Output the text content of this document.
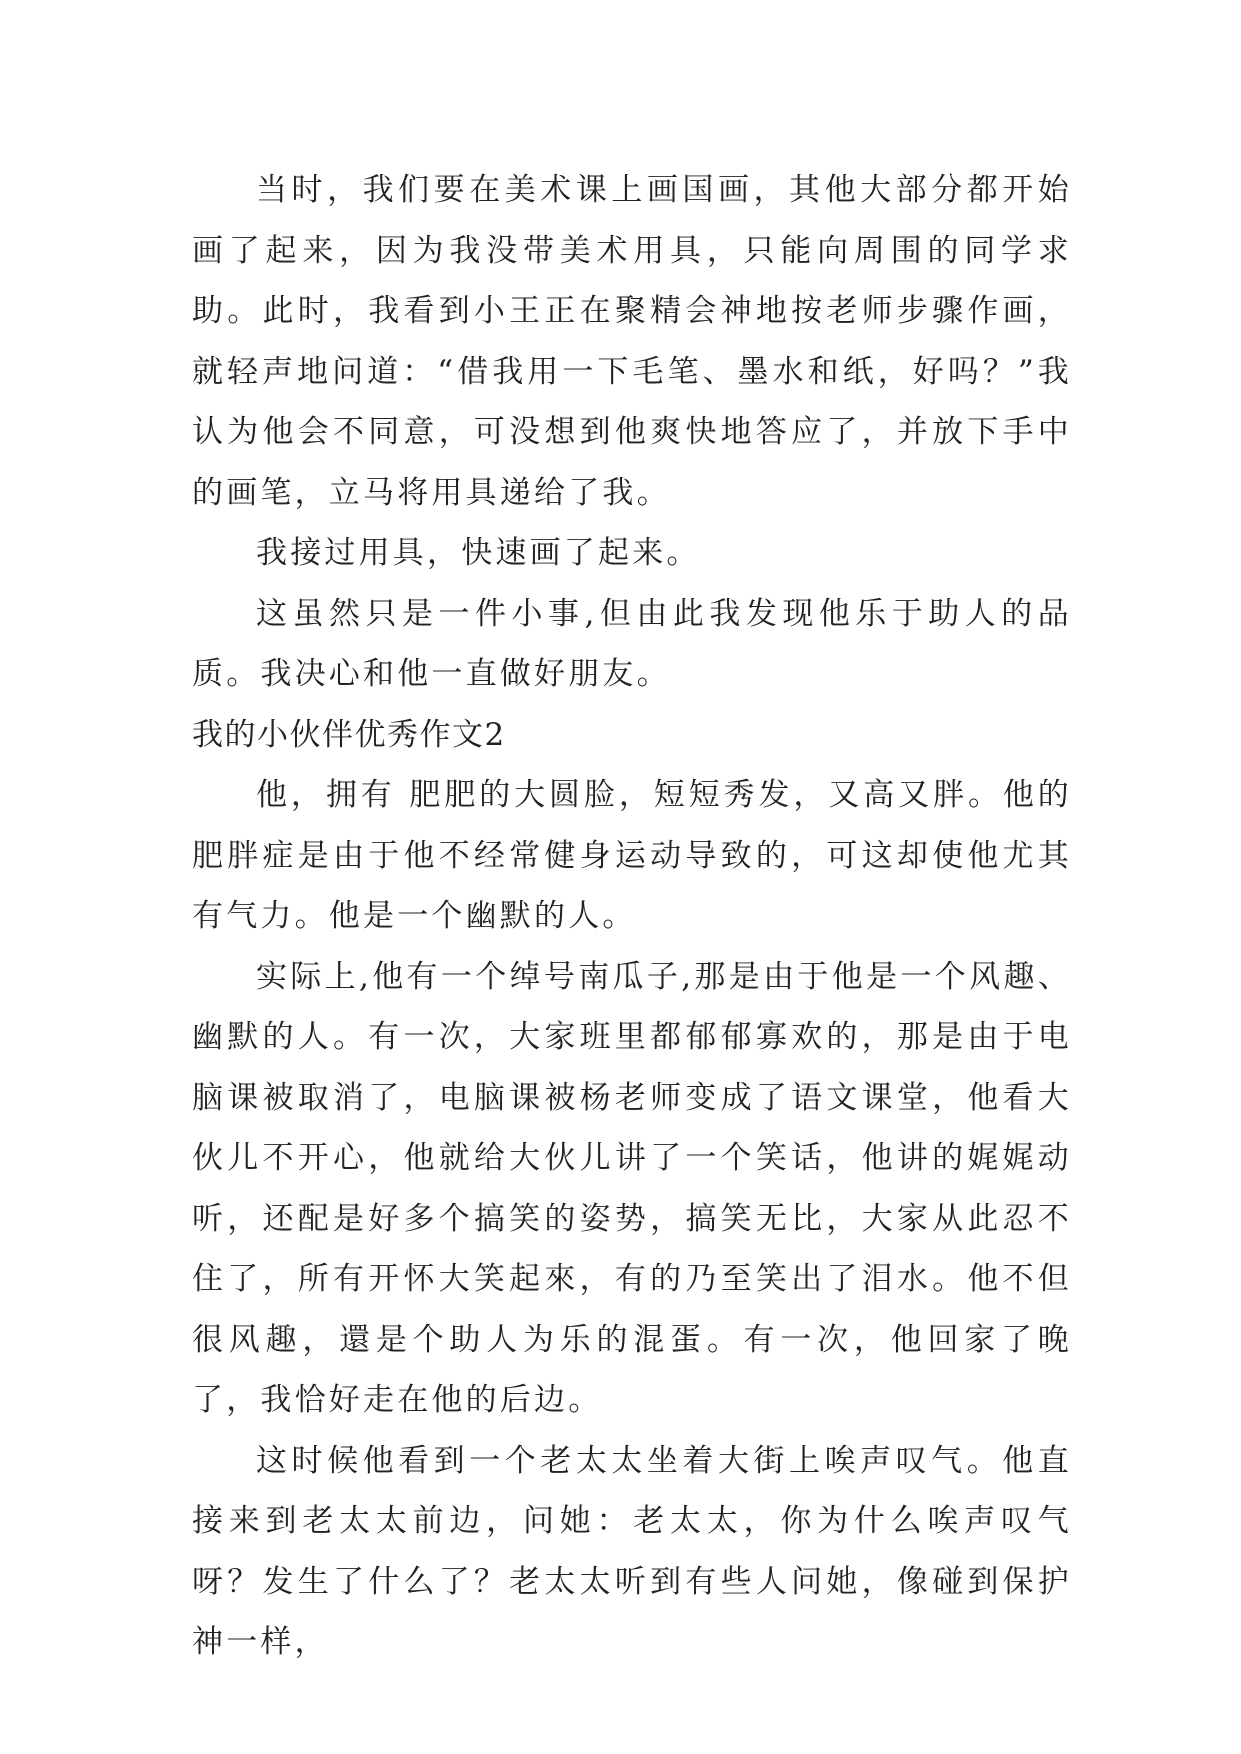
当时，我们要在美术课上画国画，其他大部分都开始画了起来，因为我没带美术用具，只能向周围的同学求助。此时，我看到小王正在聚精会神地按老师步骤作画，就轻声地问道：“借我用一下毛笔、墨水和纸，好吗？”我认为他会不同意，可没想到他爽快地答应了，并放下手中的画笔，立马将用具递给了我。

我接过用具，快速画了起来。

这虽然只是一件小事,但由此我发现他乐于助人的品质。我决心和他一直做好朋友。

我的小伙伴优秀作文2

他，拥有 肥肥的大圆脸，短短秀发，又高又胖。他的肥胖症是由于他不经常健身运动导致的，可这却使他尤其有气力。他是一个幽默的人。

实际上,他有一个绰号南瓜子,那是由于他是一个风趣、幽默的人。有一次，大家班里都郁郁寡欢的，那是由于电脑课被取消了，电脑课被杨老师变成了语文课堂，他看大伙儿不开心，他就给大伙儿讲了一个笑话，他讲的娓娓动听，还配是好多个搞笑的姿势，搞笑无比，大家从此忍不住了，所有开怀大笑起來，有的乃至笑出了泪水。他不但很风趣，還是个助人为乐的混蛋。有一次，他回家了晚了，我恰好走在他的后边。

这时候他看到一个老太太坐着大街上唉声叹气。他直接来到老太太前边，问她：老太太，你为什么唉声叹气呀？发生了什么了？老太太听到有些人问她，像碰到保护神一样，
